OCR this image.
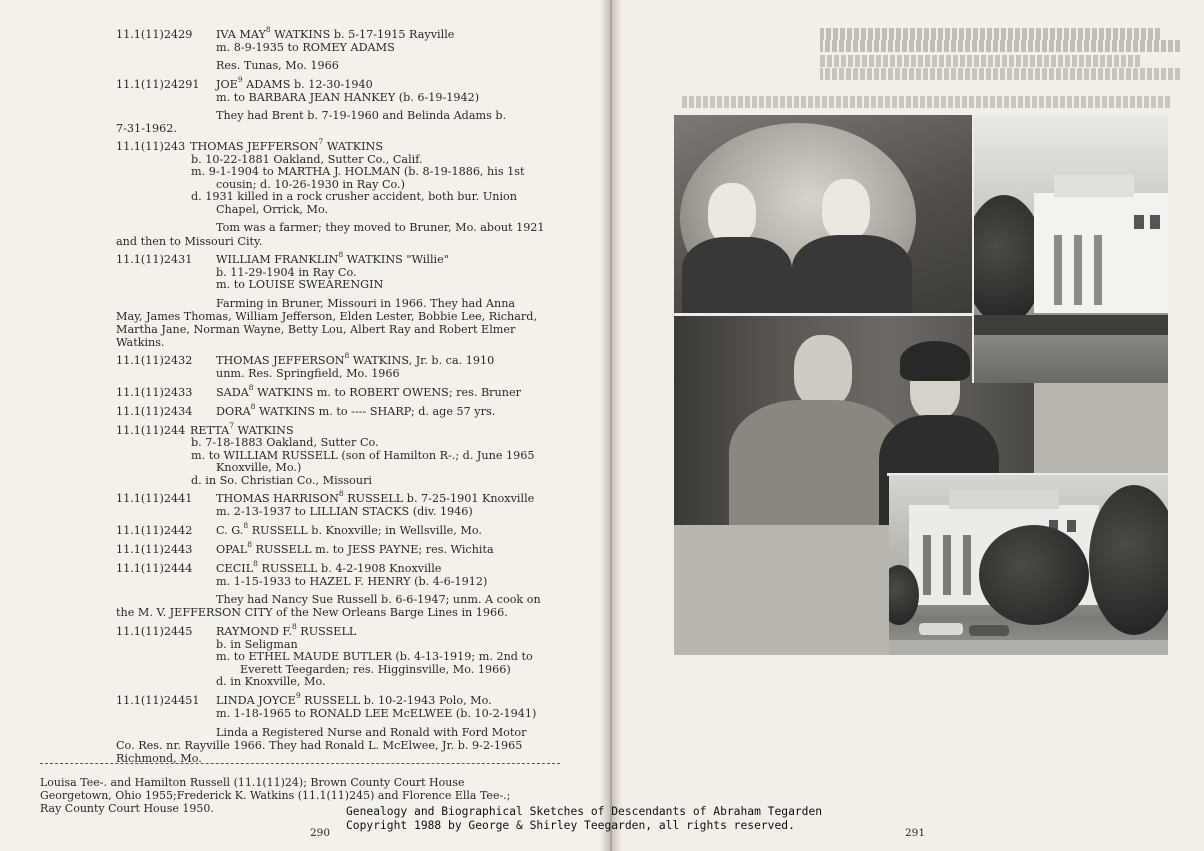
11.1(11)2429 IVA MAY$^8$ WATKINS b. 5-17-1915 Rayville
m. 8-9-1935 to ROMEY ADAMS
Res. Tunas, Mo. 1966
11.1(11)24291 JOE$^9$ ADAMS b. 12-30-1940
m. to BARBARA JEAN HANKEY (b. 6-19-1942)
They had Brent b. 7-19-1960 and Belinda Adams b.
7-31-1962.
11.1(11)243 THOMAS JEFFERSON$^7$ WATKINS
b. 10-22-1881 Oakland, Sutter Co., Calif.
m. 9-1-1904 to MARTHA J. HOLMAN (b. 8-19-1886, his 1st
cousin; d. 10-26-1930 in Ray Co.)
d. 1931 killed in a rock crusher accident, both bur. Union
Chapel, Orrick, Mo.
Tom was a farmer; they moved to Bruner, Mo. about 1921
and then to Missouri City.
11.1(11)2431 WILLIAM FRANKLIN$^8$ WATKINS "Willie"
b. 11-29-1904 in Ray Co.
m. to LOUISE SWEARENGIN
Farming in Bruner, Missouri in 1966. They had Anna
May, James Thomas, William Jefferson, Elden Lester, Bobbie Lee, Richard,
Martha Jane, Norman Wayne, Betty Lou, Albert Ray and Robert Elmer
Watkins.
11.1(11)2432 THOMAS JEFFERSON$^8$ WATKINS, Jr. b. ca. 1910
unm. Res. Springfield, Mo. 1966
11.1(11)2433 SADA$^8$ WATKINS m. to ROBERT OWENS; res. Bruner
11.1(11)2434 DORA$^8$ WATKINS m. to ---- SHARP; d. age 57 yrs.
11.1(11)244 RETTA$^7$ WATKINS
b. 7-18-1883 Oakland, Sutter Co.
m. to WILLIAM RUSSELL (son of Hamilton R-.; d. June 1965
Knoxville, Mo.)
d. in So. Christian Co., Missouri
11.1(11)2441 THOMAS HARRISON$^8$ RUSSELL b. 7-25-1901 Knoxville
m. 2-13-1937 to LILLIAN STACKS (div. 1946)
11.1(11)2442 C. G.$^8$ RUSSELL b. Knoxville; in Wellsville, Mo.
11.1(11)2443 OPAL$^8$ RUSSELL m. to JESS PAYNE; res. Wichita
11.1(11)2444 CECIL$^8$ RUSSELL b. 4-2-1908 Knoxville
m. 1-15-1933 to HAZEL F. HENRY (b. 4-6-1912)
They had Nancy Sue Russell b. 6-6-1947; unm. A cook on
the M. V. JEFFERSON CITY of the New Orleans Barge Lines in 1966.
11.1(11)2445 RAYMOND F.$^8$ RUSSELL
b. in Seligman
m. to ETHEL MAUDE BUTLER (b. 4-13-1919; m. 2nd to
Everett Teegarden; res. Higginsville, Mo. 1966)
d. in Knoxville, Mo.
11.1(11)24451 LINDA JOYCE$^9$ RUSSELL b. 10-2-1943 Polo, Mo.
m. 1-18-1965 to RONALD LEE McELWEE (b. 10-2-1941)
Linda a Registered Nurse and Ronald with Ford Motor
Co. Res. nr. Rayville 1966. They had Ronald L. McElwee, Jr. b. 9-2-1965
Richmond, Mo.
Louisa Tee-. and Hamilton Russell (11.1(11)24); Brown County Court House
Georgetown, Ohio 1955;Frederick K. Watkins (11.1(11)245) and Florence Ella Tee-.;
Ray County Court House 1950.
290	291
Genealogy and Biographical Sketches of Descendants of Abraham Tegarden
Copyright 1988 by George & Shirley Teegarden, all rights reserved.
